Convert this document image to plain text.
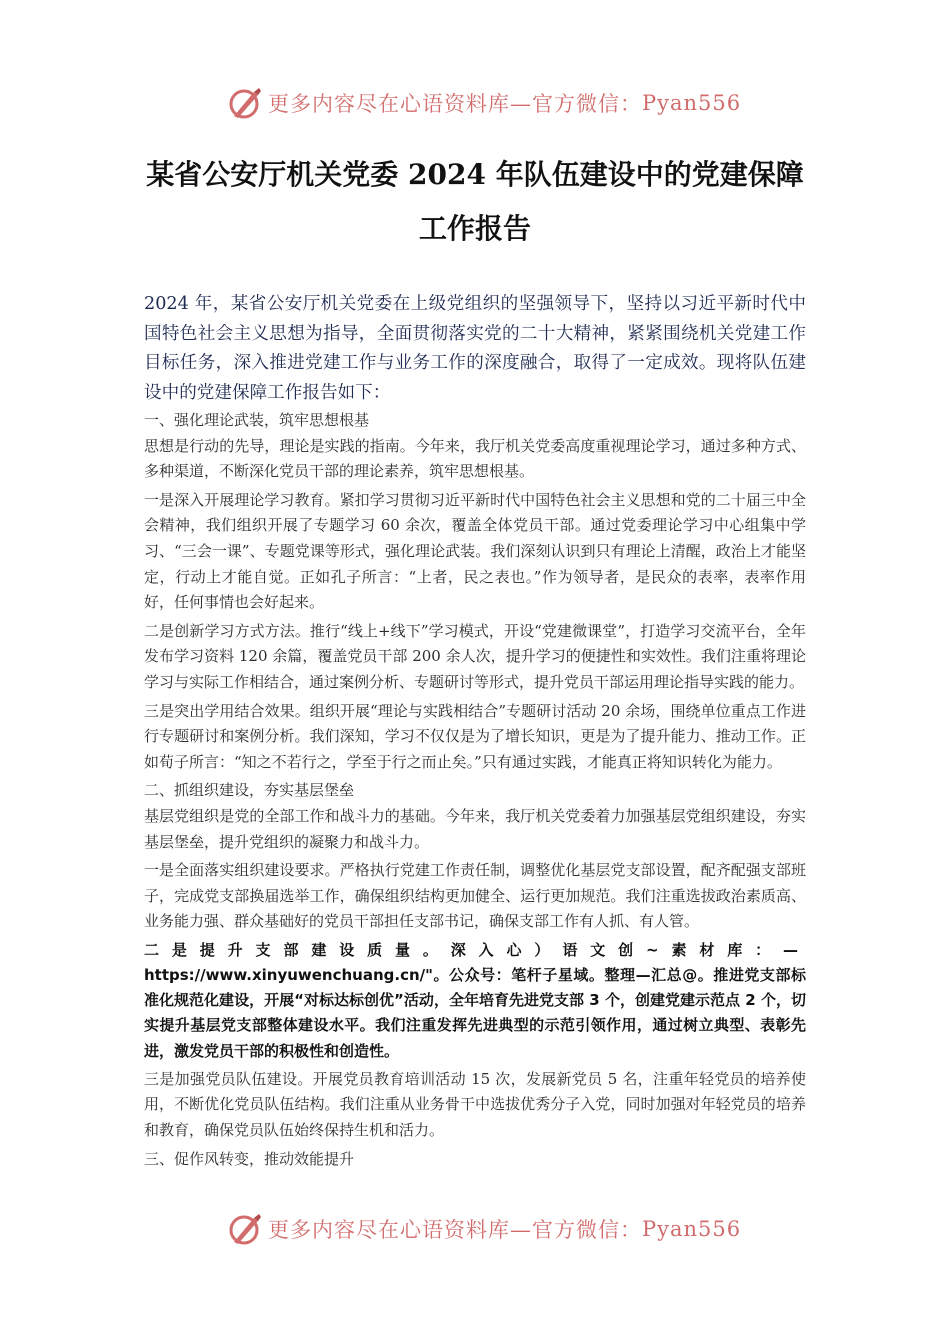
更多内容尽在心语资料库—官方微信： Pyan556
某省公安厅机关党委 2024 年队伍建设中的党建保障
工作报告

2024 年，某省公安厅机关党委在上级党组织的坚强领导下，坚持以习近平新时代中国特色社会主义思想为指导，全面贯彻落实党的二十大精神，紧紧围绕机关党建工作目标任务，深入推进党建工作与业务工作的深度融合，取得了一定成效。现将队伍建设中的党建保障工作报告如下：

一、强化理论武装，筑牢思想根基

思想是行动的先导，理论是实践的指南。今年来，我厅机关党委高度重视理论学习，通过多种方式、多种渠道，不断深化党员干部的理论素养，筑牢思想根基。

一是深入开展理论学习教育。紧扣学习贯彻习近平新时代中国特色社会主义思想和党的二十届三中全会精神，我们组织开展了专题学习 60 余次，覆盖全体党员干部。通过党委理论学习中心组集中学习、“三会一课”、专题党课等形式，强化理论武装。我们深刻认识到只有理论上清醒，政治上才能坚定，行动上才能自觉。正如孔子所言：“上者，民之表也。”作为领导者，是民众的表率，表率作用好，任何事情也会好起来。

二是创新学习方式方法。推行“线上+线下”学习模式，开设“党建微课堂”，打造学习交流平台，全年发布学习资料 120 余篇，覆盖党员干部 200 余人次，提升学习的便捷性和实效性。我们注重将理论学习与实际工作相结合，通过案例分析、专题研讨等形式，提升党员干部运用理论指导实践的能力。

三是突出学用结合效果。组织开展“理论与实践相结合”专题研讨活动 20 余场，围绕单位重点工作进行专题研讨和案例分析。我们深知，学习不仅仅是为了增长知识，更是为了提升能力、推动工作。正如荀子所言：“知之不若行之，学至于行之而止矣。”只有通过实践，才能真正将知识转化为能力。

二、抓组织建设，夯实基层堡垒

基层党组织是党的全部工作和战斗力的基础。今年来，我厅机关党委着力加强基层党组织建设，夯实基层堡垒，提升党组织的凝聚力和战斗力。

一是全面落实组织建设要求。严格执行党建工作责任制，调整优化基层党支部设置，配齐配强支部班子，完成党支部换届选举工作，确保组织结构更加健全、运行更加规范。我们注重选拔政治素质高、业务能力强、群众基础好的党员干部担任支部书记，确保支部工作有人抓、有人管。

二是提升支部建设质量。深入心）语文创~素材库：— https://www.xinyuwenchuang.cn/"。公众号：笔杆子星域。整理—汇总@。推进党支部标准化规范化建设，开展“对标达标创优”活动，全年培育先进党支部 3 个，创建党建示范点 2 个，切实提升基层党支部整体建设水平。我们注重发挥先进典型的示范引领作用，通过树立典型、表彰先进，激发党员干部的积极性和创造性。

三是加强党员队伍建设。开展党员教育培训活动 15 次，发展新党员 5 名，注重年轻党员的培养使用，不断优化党员队伍结构。我们注重从业务骨干中选拔优秀分子入党，同时加强对年轻党员的培养和教育，确保党员队伍始终保持生机和活力。

三、促作风转变，推动效能提升

更多内容尽在心语资料库—官方微信： Pyan556
